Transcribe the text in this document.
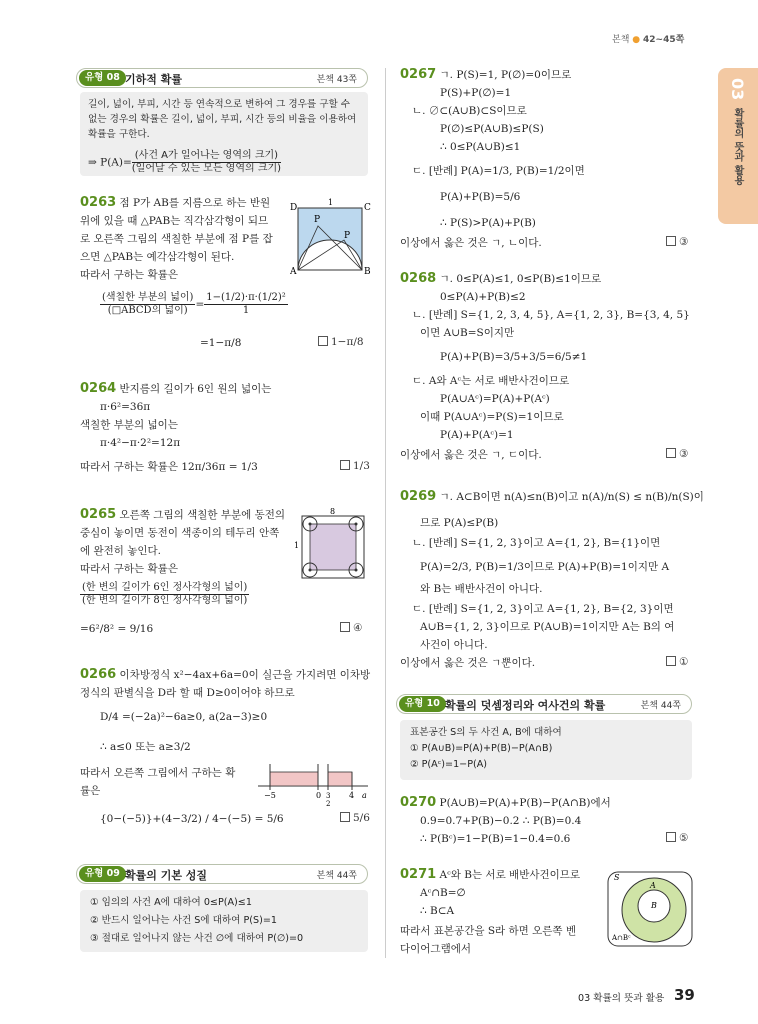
본책 ● 42~45쪽
03
확률의 뜻과 활용
유형 08 기하적 확률	본책 43쪽
길이, 넓이, 부피, 시간 등 연속적으로 변하여 그 경우를 구할 수
없는 경우의 확률은 길이, 넓이, 부피, 시간 등의 비율을 이용하여
확률을 구한다.
⇒ $P(A)= \frac{\text{(사건 A가 일어나는 영역의 크기)}}{\text{(일어날 수 있는 모든 영역의 크기)}}$
0263 점 P가 AB를 지름으로 하는 반원
위에 있을 때 △PAB는 직각삼각형이 되므
로 오른쪽 그림의 색칠한 부분에 점 P를 잡
으면 △PAB는 예각삼각형이 된다.
따라서 구하는 확률은
D	C
A	B
P
P
1
$\frac{\text{(색칠한 부분의 넓이)}}{\text{(□ABCD의 넓이)}} = \frac{\text{1−(1/2)·π·(1/2)²}}{1}$
=1−π/8	1−π/8
0264 반지름의 길이가 6인 원의 넓이는
π·6²=36π
색칠한 부분의 넓이는
π·4²−π·2²=12π
따라서 구하는 확률은 12π/36π = 1/3	1/3
0265 오른쪽 그림의 색칠한 부분에 동전의
중심이 놓이면 동전이 색종이의 테두리 안쪽
에 완전히 놓인다.
따라서 구하는 확률은
8
1
$\frac{\text{(한 변의 길이가 6인 정사각형의 넓이)}}{\text{(한 변의 길이가 8인 정사각형의 넓이)}}$
=6²/8² = 9/16	④
0266 이차방정식 x²−4ax+6a=0이 실근을 가지려면 이차방
정식의 판별식을 D라 할 때 D≥0이어야 하므로
D/4 =(−2a)²−6a≥0, a(2a−3)≥0
∴ a≤0 또는 a≥3/2
따라서 오른쪽 그림에서 구하는 확
률은	−5	0 3
2
4 a
{0−(−5)}+(4−3/2) / 4−(−5) = 5/6	5/6
유형 09 확률의 기본 성질	본책 44쪽
① 임의의 사건 A에 대하여 0≤P(A)≤1
② 반드시 일어나는 사건 S에 대하여 P(S)=1
③ 절대로 일어나지 않는 사건 ∅에 대하여 P(∅)=0
0267 ㄱ. P(S)=1, P(∅)=0이므로
P(S)+P(∅)=1
ㄴ. ∅⊂(A∪B)⊂S이므로
P(∅)≤P(A∪B)≤P(S)
∴ 0≤P(A∪B)≤1
ㄷ. [반례] P(A)=1/3, P(B)=1/2이면
P(A)+P(B)=5/6
∴ P(S)>P(A)+P(B)
이상에서 옳은 것은 ㄱ, ㄴ이다.	③
0268 ㄱ. 0≤P(A)≤1, 0≤P(B)≤1이므로
0≤P(A)+P(B)≤2
ㄴ. [반례] S={1, 2, 3, 4, 5}, A={1, 2, 3}, B={3, 4, 5}
이면 A∪B=S이지만
P(A)+P(B)=3/5+3/5=6/5≠1
ㄷ. A와 Aᶜ는 서로 배반사건이므로
P(A∪Aᶜ)=P(A)+P(Aᶜ)
이때 P(A∪Aᶜ)=P(S)=1이므로
P(A)+P(Aᶜ)=1
이상에서 옳은 것은 ㄱ, ㄷ이다.	③
0269 ㄱ. A⊂B이면 n(A)≤n(B)이고 n(A)/n(S) ≤ n(B)/n(S)이
므로 P(A)≤P(B)
ㄴ. [반례] S={1, 2, 3}이고 A={1, 2}, B={1}이면
P(A)=2/3, P(B)=1/3이므로 P(A)+P(B)=1이지만 A
와 B는 배반사건이 아니다.
ㄷ. [반례] S={1, 2, 3}이고 A={1, 2}, B={2, 3}이면
A∪B={1, 2, 3}이므로 P(A∪B)=1이지만 A는 B의 여
사건이 아니다.
이상에서 옳은 것은 ㄱ뿐이다.	①
유형 10 확률의 덧셈정리와 여사건의 확률	본책 44쪽
표본공간 S의 두 사건 A, B에 대하여
① P(A∪B)=P(A)+P(B)−P(A∩B)
② P(Aᶜ)=1−P(A)
0270 P(A∪B)=P(A)+P(B)−P(A∩B)에서
0.9=0.7+P(B)−0.2 ∴ P(B)=0.4
∴ P(Bᶜ)=1−P(B)=1−0.4=0.6	⑤
0271 Aᶜ와 B는 서로 배반사건이므로
Aᶜ∩B=∅
∴ B⊂A
따라서 표본공간을 S라 하면 오른쪽 벤
다이어그램에서
S
A
B
A∩Bᶜ
03 확률의 뜻과 활용 39
